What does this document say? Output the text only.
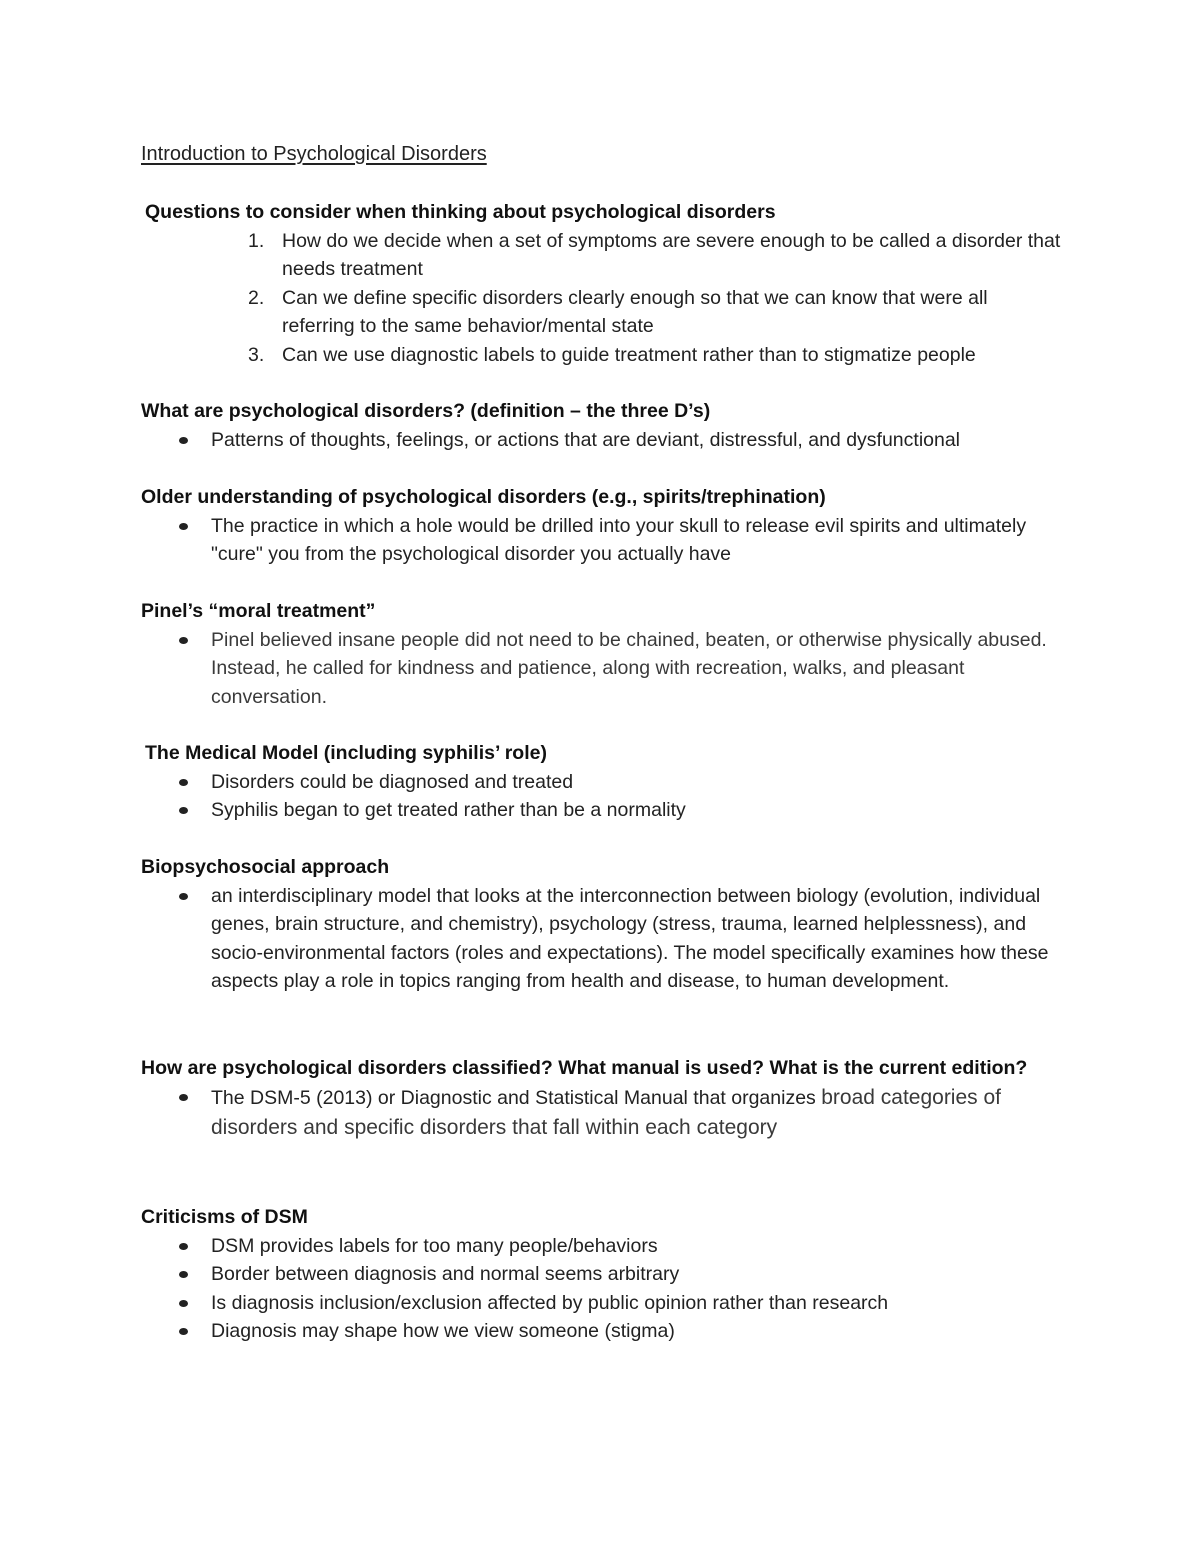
Introduction to Psychological Disorders
Questions to consider when thinking about psychological disorders
1. How do we decide when a set of symptoms are severe enough to be called a disorder that needs treatment
2. Can we define specific disorders clearly enough so that we can know that were all referring to the same behavior/mental state
3. Can we use diagnostic labels to guide treatment rather than to stigmatize people
What are psychological disorders? (definition – the three D’s)
Patterns of thoughts, feelings, or actions that are deviant, distressful, and dysfunctional
Older understanding of psychological disorders (e.g., spirits/trephination)
The practice in which a hole would be drilled into your skull to release evil spirits and ultimately "cure" you from the psychological disorder you actually have
Pinel’s “moral treatment”
Pinel believed insane people did not need to be chained, beaten, or otherwise physically abused. Instead, he called for kindness and patience, along with recreation, walks, and pleasant conversation.
The Medical Model (including syphilis’ role)
Disorders could be diagnosed and treated
Syphilis began to get treated rather than be a normality
Biopsychosocial approach
an interdisciplinary model that looks at the interconnection between biology (evolution, individual genes, brain structure, and chemistry), psychology (stress, trauma, learned helplessness), and socio-environmental factors (roles and expectations). The model specifically examines how these aspects play a role in topics ranging from health and disease, to human development.
How are psychological disorders classified? What manual is used? What is the current edition?
The DSM-5 (2013) or Diagnostic and Statistical Manual that organizes broad categories of disorders and specific disorders that fall within each category
Criticisms of DSM
DSM provides labels for too many people/behaviors
Border between diagnosis and normal seems arbitrary
Is diagnosis inclusion/exclusion affected by public opinion rather than research
Diagnosis may shape how we view someone (stigma)
